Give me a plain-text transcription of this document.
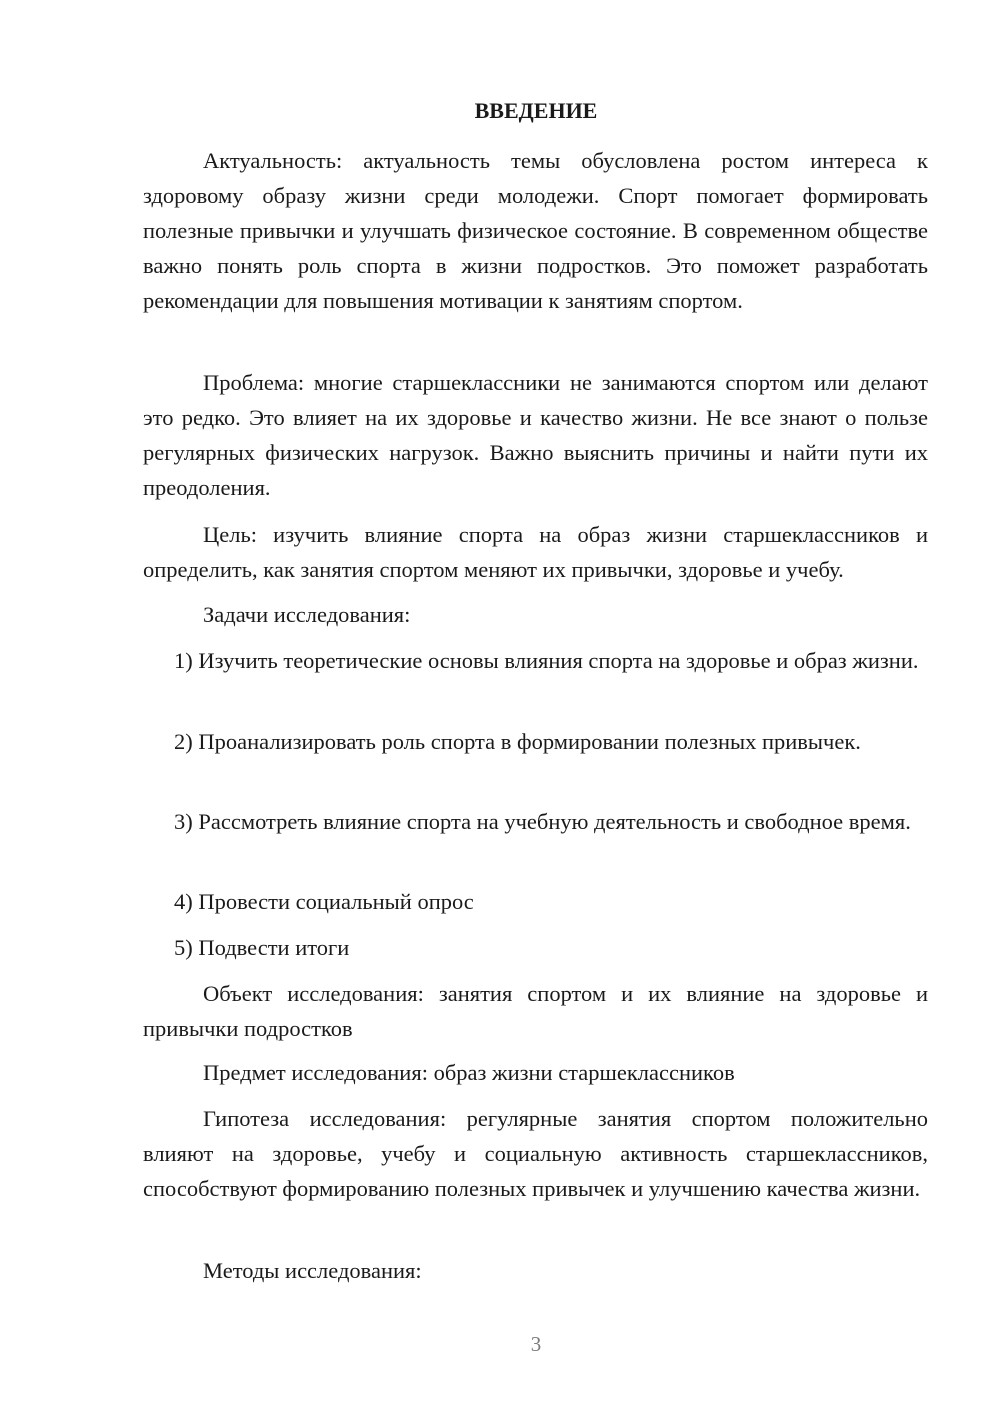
ВВЕДЕНИЕ

Актуальность: актуальность темы обусловлена ростом интереса к здоровому образу жизни среди молодежи. Спорт помогает формировать полезные привычки и улучшать физическое состояние. В современном обществе важно понять роль спорта в жизни подростков. Это поможет разработать рекомендации для повышения мотивации к занятиям спортом.

Проблема: многие старшеклассники не занимаются спортом или делают это редко. Это влияет на их здоровье и качество жизни. Не все знают о пользе регулярных физических нагрузок. Важно выяснить причины и найти пути их преодоления.

Цель: изучить влияние спорта на образ жизни старшеклассников и определить, как занятия спортом меняют их привычки, здоровье и учебу.

Задачи исследования:

1) Изучить теоретические основы влияния спорта на здоровье и образ жизни.

2) Проанализировать роль спорта в формировании полезных привычек.

3) Рассмотреть влияние спорта на учебную деятельность и свободное время.

4) Провести социальный опрос

5) Подвести итоги

Объект исследования: занятия спортом и их влияние на здоровье и привычки подростков

Предмет исследования: образ жизни старшеклассников

Гипотеза исследования: регулярные занятия спортом положительно влияют на здоровье, учебу и социальную активность старшеклассников, способствуют формированию полезных привычек и улучшению качества жизни.

Методы исследования:

3
